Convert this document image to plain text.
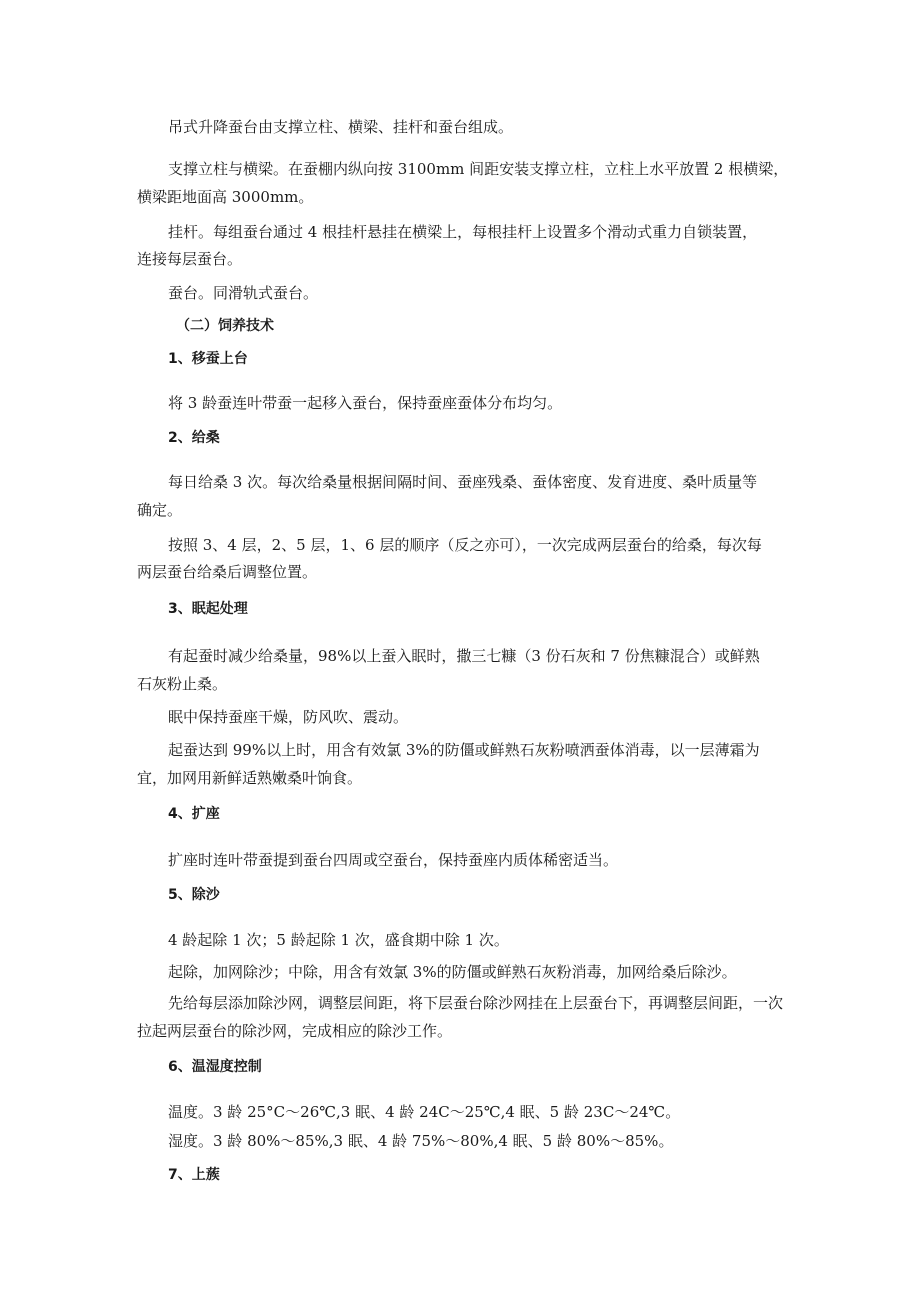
吊式升降蚕台由支撑立柱、横梁、挂杆和蚕台组成。

支撑立柱与横梁。在蚕棚内纵向按 3100mm 间距安装支撑立柱，立柱上水平放置 2 根横梁，

横梁距地面高 3000mm。

挂杆。每组蚕台通过 4 根挂杆悬挂在横梁上，每根挂杆上设置多个滑动式重力自锁装置，

连接每层蚕台。

蚕台。同滑轨式蚕台。

（二）饲养技术

1、移蚕上台

将 3 龄蚕连叶带蚕一起移入蚕台，保持蚕座蚕体分布均匀。

2、给桑

每日给桑 3 次。每次给桑量根据间隔时间、蚕座残桑、蚕体密度、发育进度、桑叶质量等

确定。

按照 3、4 层，2、5 层，1、6 层的顺序（反之亦可），一次完成两层蚕台的给桑，每次每

两层蚕台给桑后调整位置。

3、眠起处理

有起蚕时减少给桑量，98%以上蚕入眠时，撒三七糠（3 份石灰和 7 份焦糠混合）或鲜熟

石灰粉止桑。

眠中保持蚕座干燥，防风吹、震动。

起蚕达到 99%以上时，用含有效氯 3%的防僵或鲜熟石灰粉喷洒蚕体消毒，以一层薄霜为

宜，加网用新鲜适熟嫩桑叶饷食。

4、扩座

扩座时连叶带蚕提到蚕台四周或空蚕台，保持蚕座内质体稀密适当。

5、除沙

4 龄起除 1 次；5 龄起除 1 次，盛食期中除 1 次。

起除，加网除沙；中除，用含有效氯 3%的防僵或鲜熟石灰粉消毒，加网给桑后除沙。

先给每层添加除沙网，调整层间距，将下层蚕台除沙网挂在上层蚕台下，再调整层间距，一次

拉起两层蚕台的除沙网，完成相应的除沙工作。

6、温湿度控制

温度。3 龄 25°C～26℃,3 眠、4 龄 24C～25℃,4 眠、5 龄 23C～24℃。

湿度。3 龄 80%～85%,3 眠、4 龄 75%～80%,4 眠、5 龄 80%～85%。

7、上蔟
